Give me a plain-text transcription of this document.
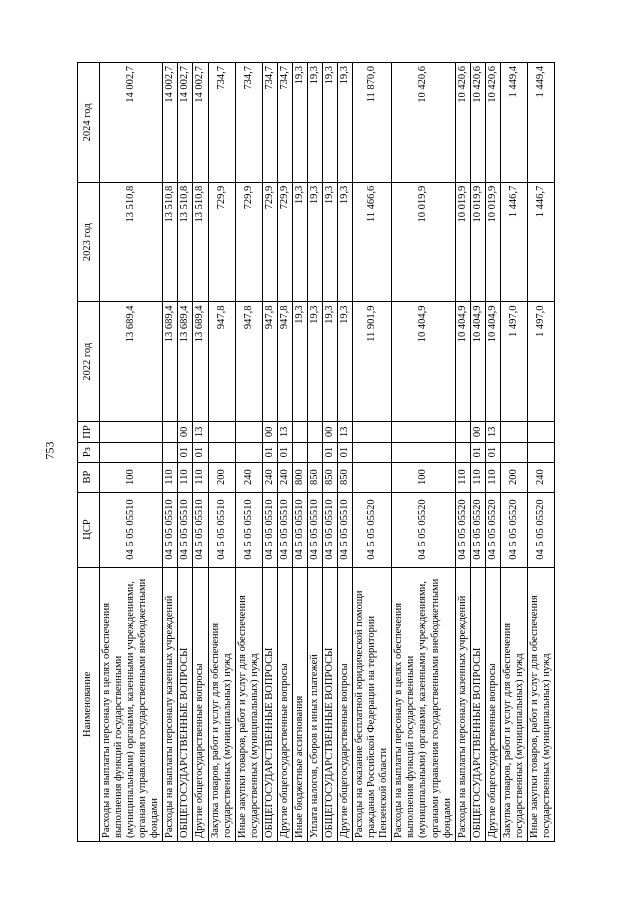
753
Наименование	ЦСР	ВР	Рз	ПР	2022 год	2023 год	2024 год
Расходы на выплаты персоналу в целях обеспечения выполнения функций государственными (муниципальными) органами, казенными учреждениями, органами управления государственными внебюджетными фондами	04 5 05 05510	100			13 689,4	13 510,8	14 002,7
Расходы на выплаты персоналу казенных учреждений	04 5 05 05510	110			13 689,4	13 510,8	14 002,7
ОБЩЕГОСУДАРСТВЕННЫЕ ВОПРОСЫ	04 5 05 05510	110	01	00	13 689,4	13 510,8	14 002,7
Другие общегосударственные вопросы	04 5 05 05510	110	01	13	13 689,4	13 510,8	14 002,7
Закупка товаров, работ и услуг для обеспечения государственных (муниципальных) нужд	04 5 05 05510	200			947,8	729,9	734,7
Иные закупки товаров, работ и услуг для обеспечения государственных (муниципальных) нужд	04 5 05 05510	240			947,8	729,9	734,7
ОБЩЕГОСУДАРСТВЕННЫЕ ВОПРОСЫ	04 5 05 05510	240	01	00	947,8	729,9	734,7
Другие общегосударственные вопросы	04 5 05 05510	240	01	13	947,8	729,9	734,7
Иные бюджетные ассигнования	04 5 05 05510	800			19,3	19,3	19,3
Уплата налогов, сборов и иных платежей	04 5 05 05510	850			19,3	19,3	19,3
ОБЩЕГОСУДАРСТВЕННЫЕ ВОПРОСЫ	04 5 05 05510	850	01	00	19,3	19,3	19,3
Другие общегосударственные вопросы	04 5 05 05510	850	01	13	19,3	19,3	19,3
Расходы на оказание бесплатной юридической помощи гражданам Российской Федерации на территории Пензенской области	04 5 05 05520				11 901,9	11 466,6	11 870,0
Расходы на выплаты персоналу в целях обеспечения выполнения функций государственными (муниципальными) органами, казенными учреждениями, органами управления государственными внебюджетными фондами	04 5 05 05520	100			10 404,9	10 019,9	10 420,6
Расходы на выплаты персоналу казенных учреждений	04 5 05 05520	110			10 404,9	10 019,9	10 420,6
ОБЩЕГОСУДАРСТВЕННЫЕ ВОПРОСЫ	04 5 05 05520	110	01	00	10 404,9	10 019,9	10 420,6
Другие общегосударственные вопросы	04 5 05 05520	110	01	13	10 404,9	10 019,9	10 420,6
Закупка товаров, работ и услуг для обеспечения государственных (муниципальных) нужд	04 5 05 05520	200			1 497,0	1 446,7	1 449,4
Иные закупки товаров, работ и услуг для обеспечения государственных (муниципальных) нужд	04 5 05 05520	240			1 497,0	1 446,7	1 449,4
